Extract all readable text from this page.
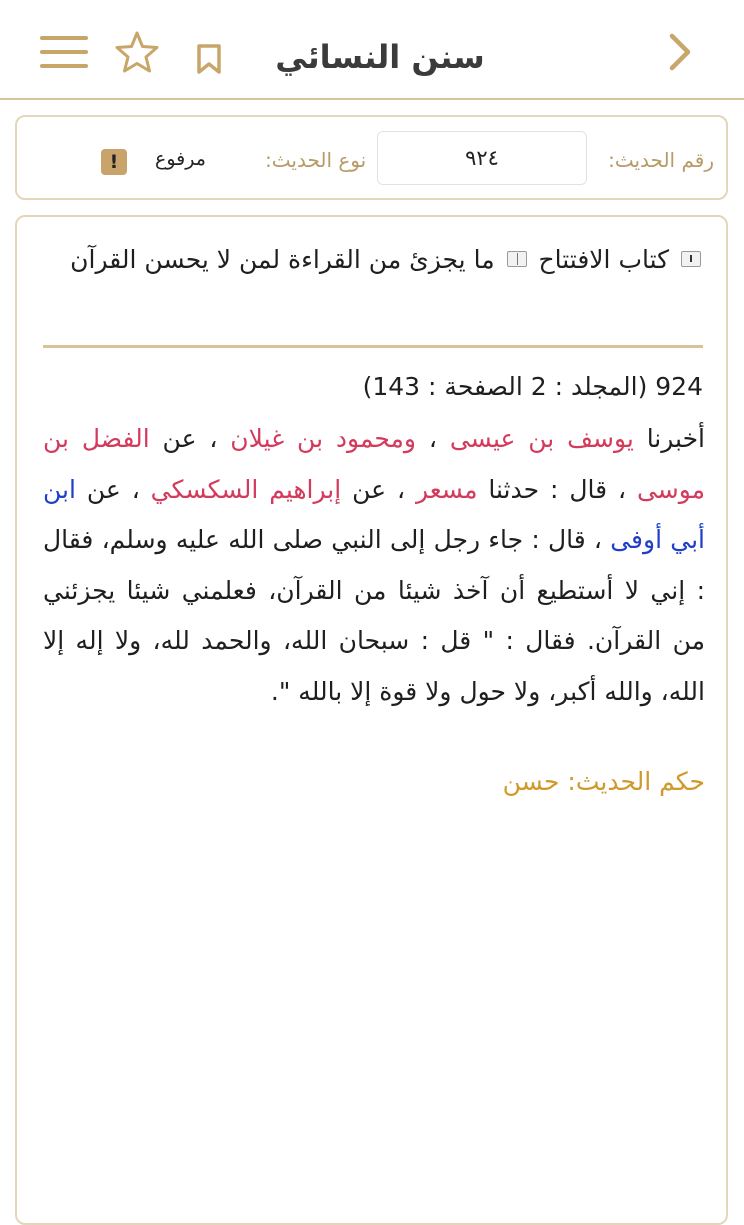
سنن النسائي
رقم الحديث:
٩٢٤
نوع الحديث:
مرفوع
!
كتاب الافتتاح  ما يجزئ من القراءة لمن لا يحسن القرآن
924 (المجلد : 2 الصفحة : 143)
أخبرنا يوسف بن عيسى ، ومحمود بن غيلان ، عن الفضل بن موسى ، قال : حدثنا مسعر ، عن إبراهيم السكسكي ، عن ابن أبي أوفى ، قال : جاء رجل إلى النبي صلى الله عليه وسلم، فقال : إني لا أستطيع أن آخذ شيئا من القرآن، فعلمني شيئا يجزئني من القرآن. فقال : " قل : سبحان الله، والحمد لله، ولا إله إلا الله، والله أكبر، ولا حول ولا قوة إلا بالله ".
حكم الحديث: حسن
